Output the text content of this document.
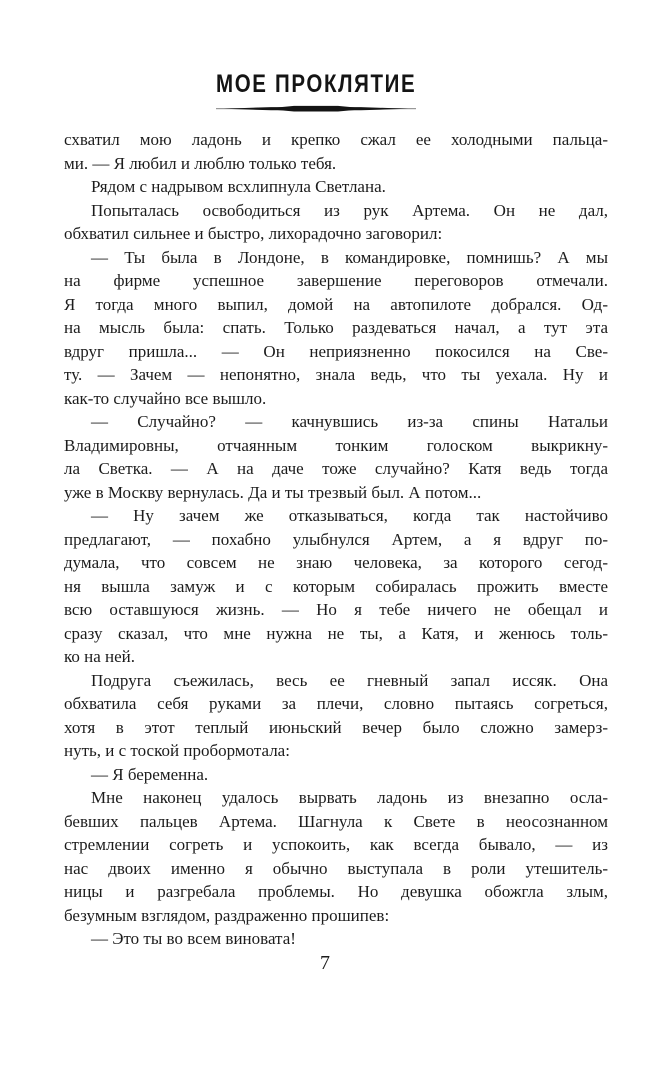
МОЕ ПРОКЛЯТИЕ
схватил мою ладонь и крепко сжал ее холодными пальца-
ми. — Я любил и люблю только тебя.
Рядом с надрывом всхлипнула Светлана.
Попыталась освободиться из рук Артема. Он не дал,
обхватил сильнее и быстро, лихорадочно заговорил:
— Ты была в Лондоне, в командировке, помнишь? А мы
на фирме успешное завершение переговоров отмечали.
Я тогда много выпил, домой на автопилоте добрался. Од-
на мысль была: спать. Только раздеваться начал, а тут эта
вдруг пришла... — Он неприязненно покосился на Све-
ту. — Зачем — непонятно, знала ведь, что ты уехала. Ну и
как-то случайно все вышло.
— Случайно? — качнувшись из-за спины Натальи
Владимировны, отчаянным тонким голоском выкрикну-
ла Светка. — А на даче тоже случайно? Катя ведь тогда
уже в Москву вернулась. Да и ты трезвый был. А потом...
— Ну зачем же отказываться, когда так настойчиво
предлагают, — похабно улыбнулся Артем, а я вдруг по-
думала, что совсем не знаю человека, за которого сегод-
ня вышла замуж и с которым собиралась прожить вместе
всю оставшуюся жизнь. — Но я тебе ничего не обещал и
сразу сказал, что мне нужна не ты, а Катя, и женюсь толь-
ко на ней.
Подруга съежилась, весь ее гневный запал иссяк. Она
обхватила себя руками за плечи, словно пытаясь согреться,
хотя в этот теплый июньский вечер было сложно замерз-
нуть, и с тоской пробормотала:
— Я беременна.
Мне наконец удалось вырвать ладонь из внезапно осла-
бевших пальцев Артема. Шагнула к Свете в неосознанном
стремлении согреть и успокоить, как всегда бывало, — из
нас двоих именно я обычно выступала в роли утешитель-
ницы и разгребала проблемы. Но девушка обожгла злым,
безумным взглядом, раздраженно прошипев:
— Это ты во всем виновата!
7
